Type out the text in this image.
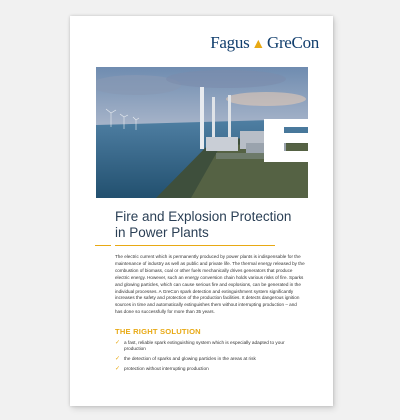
Fagus ▲ GreCon
Fire and Explosion Protection
in Power Plants

The electric current which is permanently produced by power plants is indispensable for the maintenance of industry as well as public and private life. The thermal energy released by the combustion of biomass, coal or other fuels mechanically drives generators that produce electric energy. However, such an energy conversion chain holds various risks of fire. Sparks and glowing particles, which can cause serious fire and explosions, can be generated in the individual processes. A GreCon spark detection and extinguishment system significantly increases the safety and protection of the production facilities. It detects dangerous ignition sources in time and automatically extinguishes them without interrupting production – and has done so successfully for more than 35 years.

THE RIGHT SOLUTION
✓ a fast, reliable spark extinguishing system which is especially adapted to your production
✓ the detection of sparks and glowing particles in the areas at risk
✓ protection without interrupting production
